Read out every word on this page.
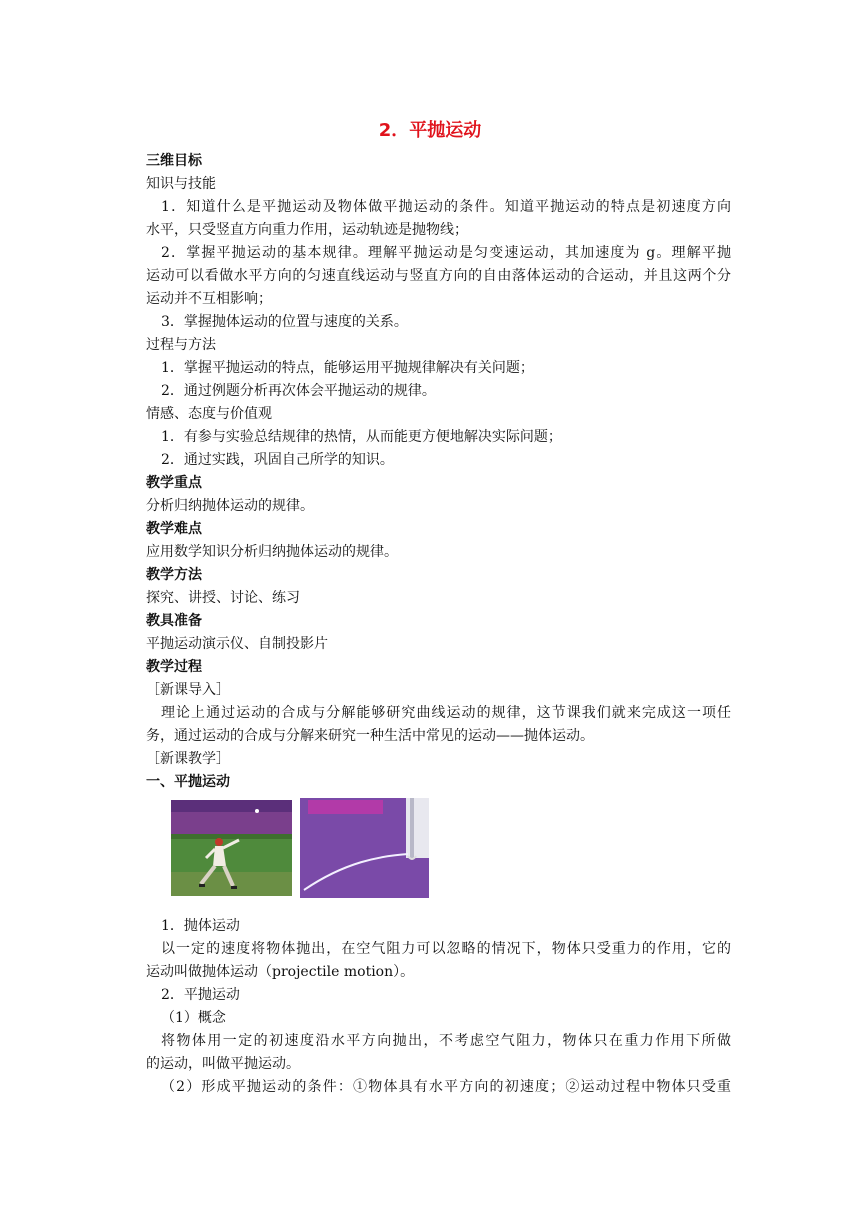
2．平抛运动
三维目标
知识与技能
1．知道什么是平抛运动及物体做平抛运动的条件。知道平抛运动的特点是初速度方向
水平，只受竖直方向重力作用，运动轨迹是抛物线；
2．掌握平抛运动的基本规律。理解平抛运动是匀变速运动，其加速度为 g。理解平抛
运动可以看做水平方向的匀速直线运动与竖直方向的自由落体运动的合运动，并且这两个分
运动并不互相影响；
3．掌握抛体运动的位置与速度的关系。
过程与方法
1．掌握平抛运动的特点，能够运用平抛规律解决有关问题；
2．通过例题分析再次体会平抛运动的规律。
情感、态度与价值观
1．有参与实验总结规律的热情，从而能更方便地解决实际问题；
2．通过实践，巩固自己所学的知识。
教学重点
分析归纳抛体运动的规律。
教学难点
应用数学知识分析归纳抛体运动的规律。
教学方法
探究、讲授、讨论、练习
教具准备
平抛运动演示仪、自制投影片
教学过程
［新课导入］
理论上通过运动的合成与分解能够研究曲线运动的规律，这节课我们就来完成这一项任
务，通过运动的合成与分解来研究一种生活中常见的运动——抛体运动。
［新课教学］
一、平抛运动
1．抛体运动
以一定的速度将物体抛出，在空气阻力可以忽略的情况下，物体只受重力的作用，它的
运动叫做抛体运动（projectile motion）。
2．平抛运动
（1）概念
将物体用一定的初速度沿水平方向抛出，不考虑空气阻力，物体只在重力作用下所做
的运动，叫做平抛运动。
（2）形成平抛运动的条件：①物体具有水平方向的初速度；②运动过程中物体只受重
